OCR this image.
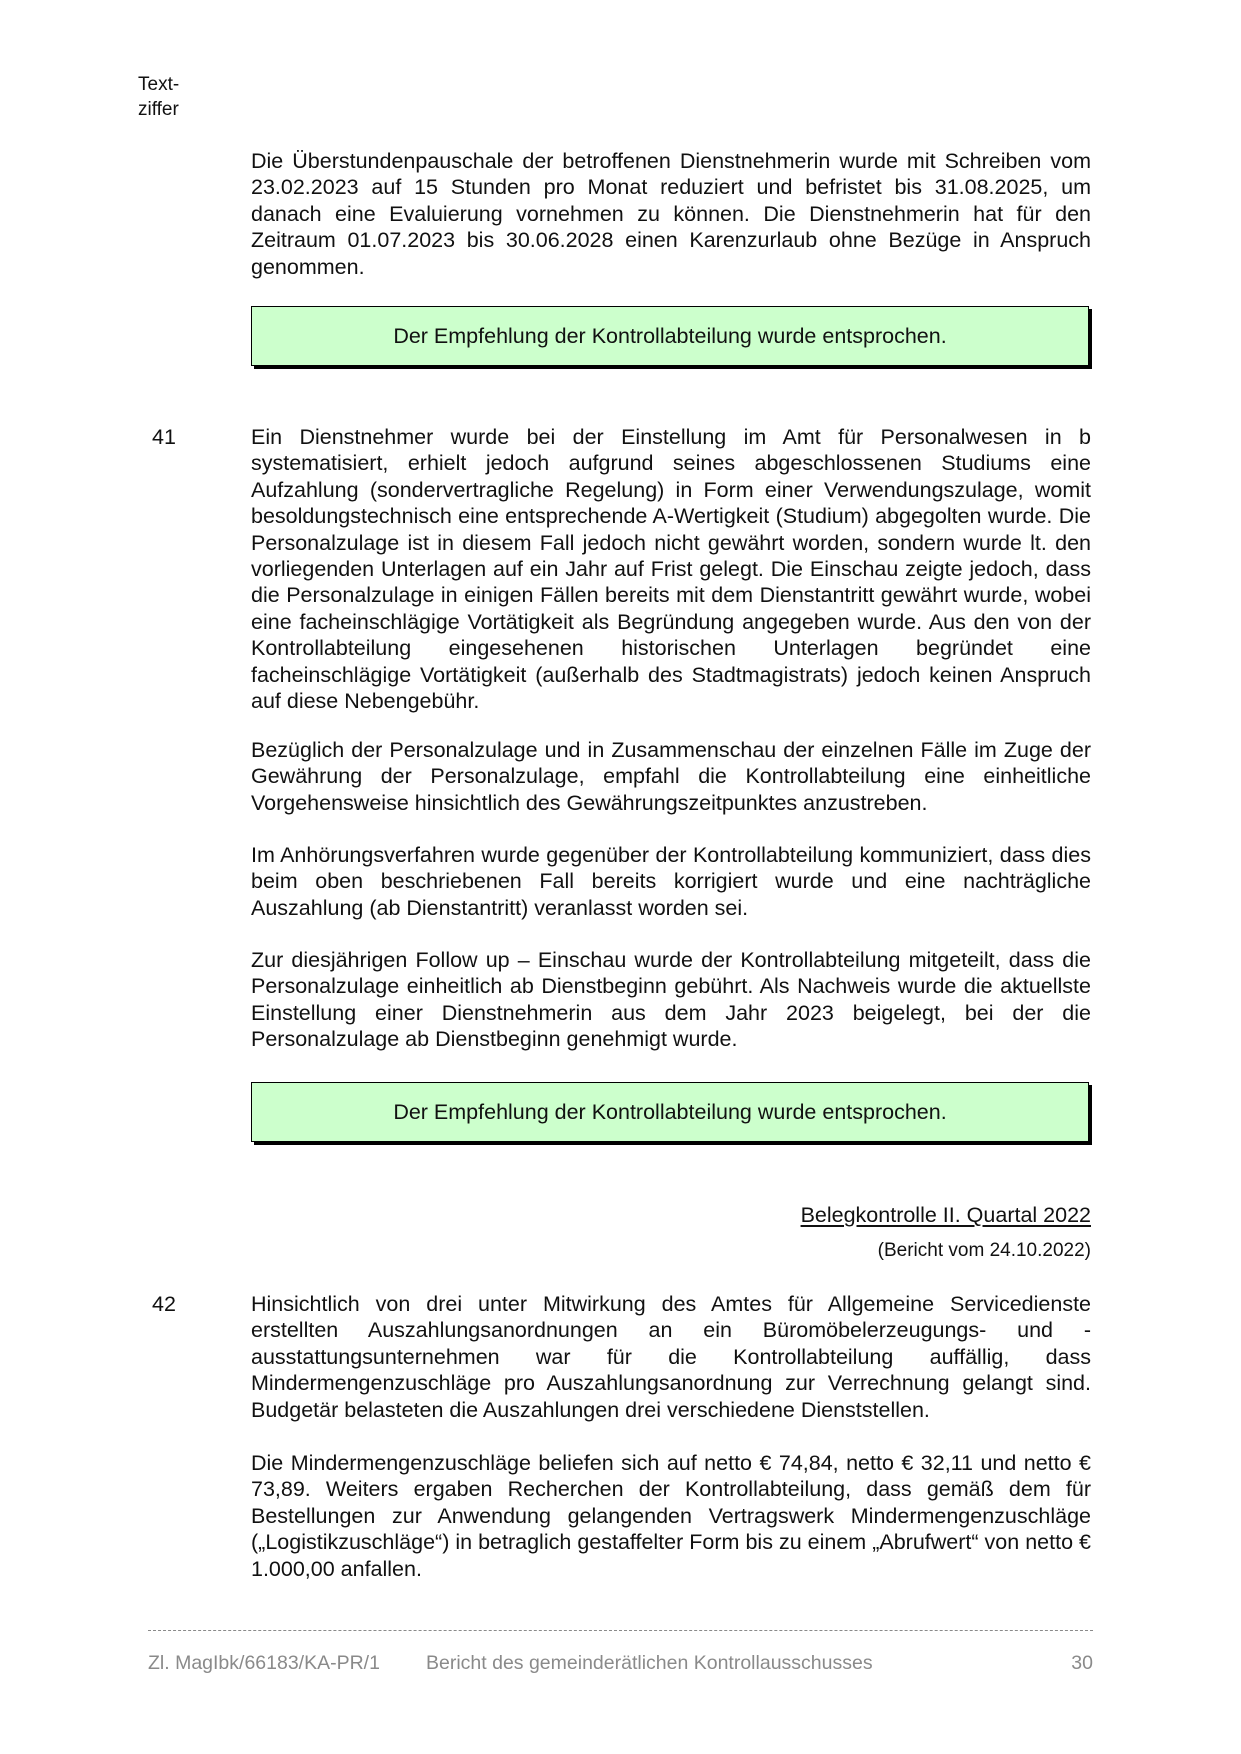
Text-
ziffer
Die Überstundenpauschale der betroffenen Dienstnehmerin wurde mit Schreiben vom 23.02.2023 auf 15 Stunden pro Monat reduziert und befristet bis 31.08.2025, um danach eine Evaluierung vornehmen zu können. Die Dienstnehmerin hat für den Zeitraum 01.07.2023 bis 30.06.2028 einen Karenzurlaub ohne Bezüge in Anspruch genommen.
Der Empfehlung der Kontrollabteilung wurde entsprochen.
41	Ein Dienstnehmer wurde bei der Einstellung im Amt für Personalwesen in b systematisiert, erhielt jedoch aufgrund seines abgeschlossenen Studiums eine Aufzahlung (sondervertragliche Regelung) in Form einer Verwendungszulage, womit besoldungstechnisch eine entsprechende A-Wertigkeit (Studium) abgegolten wurde. Die Personalzulage ist in diesem Fall jedoch nicht gewährt worden, sondern wurde lt. den vorliegenden Unterlagen auf ein Jahr auf Frist gelegt. Die Einschau zeigte jedoch, dass die Personalzulage in einigen Fällen bereits mit dem Dienstantritt gewährt wurde, wobei eine facheinschlägige Vortätigkeit als Begründung angegeben wurde. Aus den von der Kontrollabteilung eingesehenen historischen Unterlagen begründet eine facheinschlägige Vortätigkeit (außerhalb des Stadtmagistrats) jedoch keinen Anspruch auf diese Nebengebühr.
Bezüglich der Personalzulage und in Zusammenschau der einzelnen Fälle im Zuge der Gewährung der Personalzulage, empfahl die Kontrollabteilung eine einheitliche Vorgehensweise hinsichtlich des Gewährungszeitpunktes anzustreben.
Im Anhörungsverfahren wurde gegenüber der Kontrollabteilung kommuniziert, dass dies beim oben beschriebenen Fall bereits korrigiert wurde und eine nachträgliche Auszahlung (ab Dienstantritt) veranlasst worden sei.
Zur diesjährigen Follow up – Einschau wurde der Kontrollabteilung mitgeteilt, dass die Personalzulage einheitlich ab Dienstbeginn gebührt. Als Nachweis wurde die aktuellste Einstellung einer Dienstnehmerin aus dem Jahr 2023 beigelegt, bei der die Personalzulage ab Dienstbeginn genehmigt wurde.
Der Empfehlung der Kontrollabteilung wurde entsprochen.
Belegkontrolle II. Quartal 2022
(Bericht vom 24.10.2022)
42	Hinsichtlich von drei unter Mitwirkung des Amtes für Allgemeine Servicedienste erstellten Auszahlungsanordnungen an ein Büromöbelerzeugungs- und -ausstattungsunternehmen war für die Kontrollabteilung auffällig, dass Mindermengenzuschläge pro Auszahlungsanordnung zur Verrechnung gelangt sind. Budgetär belasteten die Auszahlungen drei verschiedene Dienststellen.
Die Mindermengenzuschläge beliefen sich auf netto € 74,84, netto € 32,11 und netto € 73,89. Weiters ergaben Recherchen der Kontrollabteilung, dass gemäß dem für Bestellungen zur Anwendung gelangenden Vertragswerk Mindermengenzuschläge („Logistikzuschläge“) in betraglich gestaffelter Form bis zu einem „Abrufwert“ von netto € 1.000,00 anfallen.
Zl. MagIbk/66183/KA-PR/1 Bericht des gemeinderätlichen Kontrollausschusses	30
